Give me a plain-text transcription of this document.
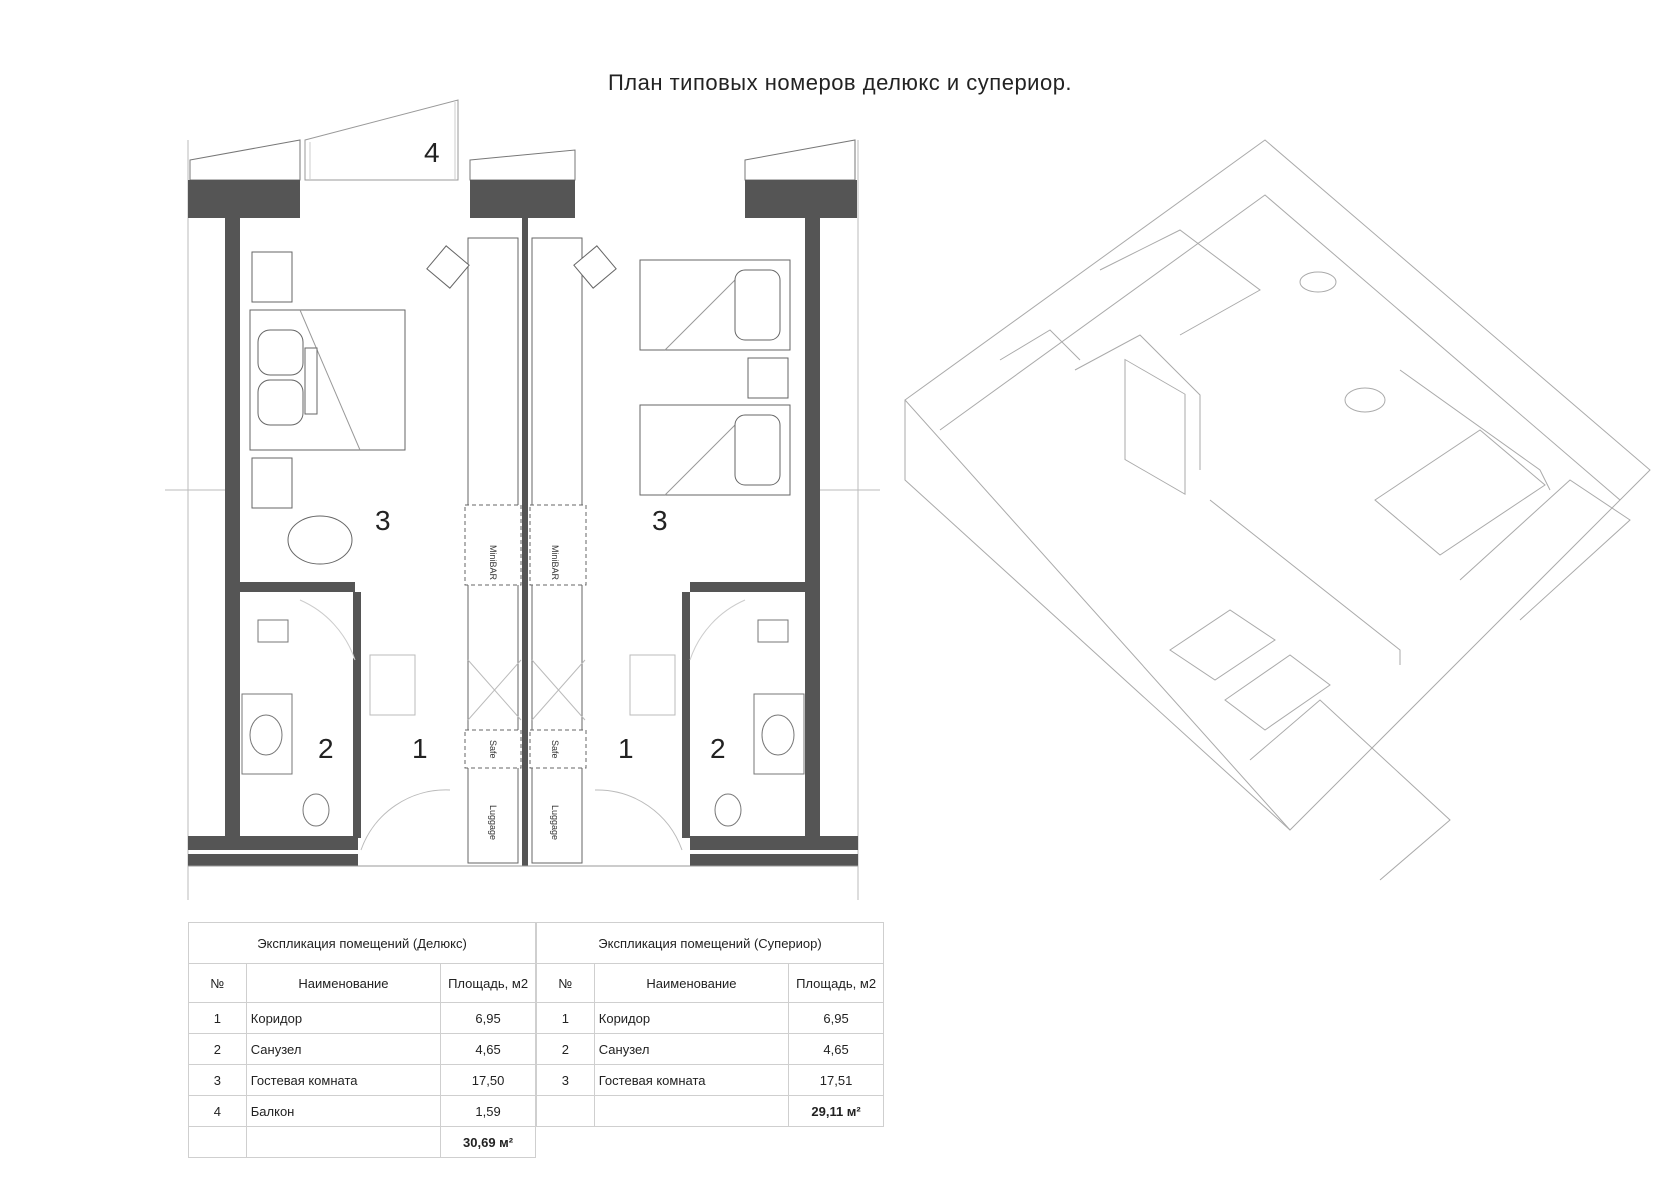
План типовых номеров делюкс и супериор.
4
3	3
2	2
1	1
MiniBAR	MiniBAR
Safe	Safe
Luggage	Luggage
Экспликация помещений (Делюкс)		
№	Наименование	Площадь, м2
1	Коридор	6,95
2	Санузел	4,65
3	Гостевая комната	17,50
4	Балкон	1,59
		30,69 м²
Экспликация помещений (Супериор)		
№	Наименование	Площадь, м2
1	Коридор	6,95
2	Санузел	4,65
3	Гостевая комната	17,51
		29,11 м²
